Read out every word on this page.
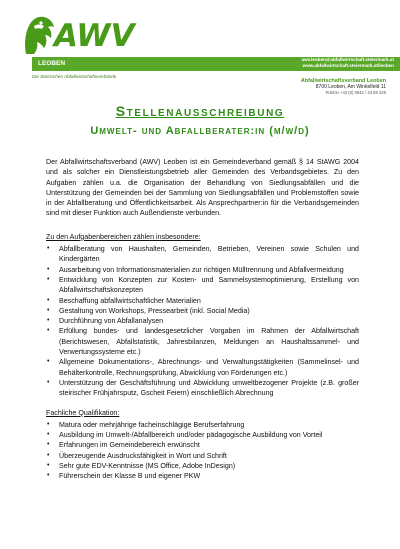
AWV
LEOBEN
awv.leoben@abfallwirtschaft.steiermark.at
www.abfallwirtschaft.steiermark.at/leoben
Die Steirischen Abfallwirtschaftsverbände
Abfallwirtschaftsverband Leoben
8700 Leoben, Am Winkelfeld 11
Telefon +43 (0) 3842 / 43 68 329
Stellenausschreibung
Umwelt- und Abfallberater:in (m/w/d)

Der Abfallwirtschaftsverband (AWV) Leoben ist ein Gemeindeverband gemäß § 14 StAWG 2004 und als solcher ein Dienstleistungsbetrieb aller Gemeinden des Verbandsgebietes. Zu den Aufgaben zählen u.a. die Organisation der Behandlung von Siedlungsabfällen und die Unterstützung der Gemeinden bei der Sammlung von Siedlungsabfällen und Problemstoffen sowie in der Abfallberatung und Öffentlichkeitsarbeit. Als Ansprechpartner:in für die Verbandsgemeinden sind mit dieser Funktion auch Außendienste verbunden.

Zu den Aufgabenbereichen zählen insbesondere:
• Abfallberatung von Haushalten, Gemeinden, Betrieben, Vereinen sowie Schulen und Kindergärten
• Ausarbeitung von Informationsmaterialien zur richtigen Mülltrennung und Abfallvermeidung
• Entwicklung von Konzepten zur Kosten- und Sammelsystemoptimierung, Erstellung von Abfallwirtschaftskonzepten
• Beschaffung abfallwirtschaftlicher Materialien
• Gestaltung von Workshops, Pressearbeit (inkl. Social Media)
• Durchführung von Abfallanalysen
• Erfüllung bundes- und landesgesetzlicher Vorgaben im Rahmen der Abfallwirtschaft (Berichtswesen, Abfallstatistik, Jahresbilanzen, Meldungen an Haushaltssammel- und Verwertungssysteme etc.)
• Allgemeine Dokumentations-, Abrechnungs- und Verwaltungstätigkeiten (Sammelinsel- und Behälterkontrolle, Rechnungsprüfung, Abwicklung von Förderungen etc.)
• Unterstützung der Geschäftsführung und Abwicklung umweltbezogener Projekte (z.B. großer steirischer Frühjahrsputz, Gscheit Feiern) einschließlich Abrechnung
Fachliche Qualifikation:
• Matura oder mehrjährige facheinschlägige Berufserfahrung
• Ausbildung im Umwelt-/Abfallbereich und/oder pädagogische Ausbildung von Vorteil
• Erfahrungen im Gemeindebereich erwünscht
• Überzeugende Ausdrucksfähigkeit in Wort und Schrift
• Sehr gute EDV-Kenntnisse (MS Office, Adobe InDesign)
• Führerschein der Klasse B und eigener PKW
